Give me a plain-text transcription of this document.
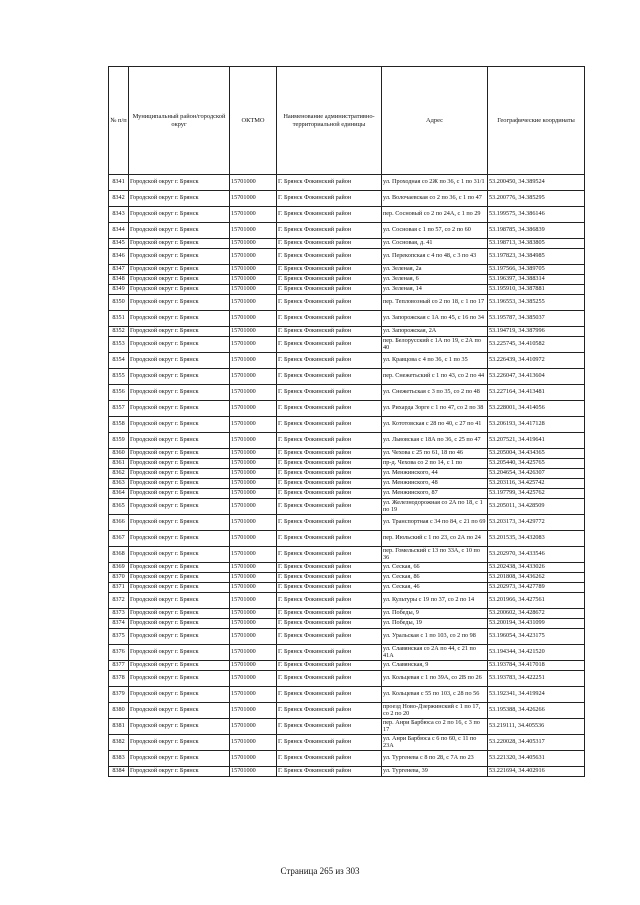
№ п/п	Муниципальный район/городской округ	ОКТМО	Наименование административно-территориальной единицы	Адрес	Географические координаты
8341	Городской округ г. Брянск	15701000	Г. Брянск Фокинский район	ул. Проходная со 2Ж по 36, с 1 по 31/1	53.200450, 34.389524
8342	Городской округ г. Брянск	15701000	Г. Брянск Фокинский район	ул. Волочаевская со 2 по 36, с 1 по 47	53.200776, 34.385295
8343	Городской округ г. Брянск	15701000	Г. Брянск Фокинский район	пер. Сосновый со 2 по 24А, с 1 по 29	53.199575, 34.386146
8344	Городской округ г. Брянск	15701000	Г. Брянск Фокинский район	ул. Сосновая с 1 по 57, со 2 по 60	53.198785, 34.386839
8345	Городской округ г. Брянск	15701000	Г. Брянск Фокинский район	ул. Сосновая, д. 41	53.198713, 34.383805
8346	Городской округ г. Брянск	15701000	Г. Брянск Фокинский район	ул. Перекопская с 4 по 48, с 3 по 43	53.197823, 34.384985
8347	Городской округ г. Брянск	15701000	Г. Брянск Фокинский район	ул. Зеленая, 2а	53.197566, 34.389705
8348	Городской округ г. Брянск	15701000	Г. Брянск Фокинский район	ул. Зеленая, 6	53.196397, 34.388314
8349	Городской округ г. Брянск	15701000	Г. Брянск Фокинский район	ул. Зеленая, 14	53.195910, 34.387881
8350	Городской округ г. Брянск	15701000	Г. Брянск Фокинский район	пер. Тепловозный со 2 по 18, с 1 по 17	53.196553, 34.385255
8351	Городской округ г. Брянск	15701000	Г. Брянск Фокинский район	ул. Запорожская с 1А по 45, с 16 по 34	53.195787, 34.385037
8352	Городской округ г. Брянск	15701000	Г. Брянск Фокинский район	ул. Запорожская, 2А	53.194719, 34.387996
8353	Городской округ г. Брянск	15701000	Г. Брянск Фокинский район	пер. Белорусский с 1А по 19, с 2А по 40	53.225745, 34.410582
8354	Городской округ г. Брянск	15701000	Г. Брянск Фокинский район	ул. Кравцова с 4 по 36, с 1 по 35	53.226439, 34.410972
8355	Городской округ г. Брянск	15701000	Г. Брянск Фокинский район	пер. Снежетьский с 1 по 43, со 2 по 44	53.226047, 34.413604
8356	Городской округ г. Брянск	15701000	Г. Брянск Фокинский район	ул. Снежетьская с 3 по 35, со 2 по 48	53.227164, 34.413481
8357	Городской округ г. Брянск	15701000	Г. Брянск Фокинский район	ул. Рихарда Зорге с 1 по 47, со 2 по 38	53.228001, 34.414056
8358	Городской округ г. Брянск	15701000	Г. Брянск Фокинский район	ул. Кототовская с 28 по 40, с 27 по 41	53.206193, 34.417128
8359	Городской округ г. Брянск	15701000	Г. Брянск Фокинский район	ул. Львовская с 18А по 36, с 25 по 47	53.207521, 34.419641
8360	Городской округ г. Брянск	15701000	Г. Брянск Фокинский район	ул. Чехова с 25 по 61, 18 по 46	53.205004, 34.434365
8361	Городской округ г. Брянск	15701000	Г. Брянск Фокинский район	пр-д. Чехова со 2 по 14, с 1 по	53.205440, 34.425765
8362	Городской округ г. Брянск	15701000	Г. Брянск Фокинский район	ул. Менжинского, 44	53.204654, 34.426307
8363	Городской округ г. Брянск	15701000	Г. Брянск Фокинский район	ул. Менжинского, 48	53.203116, 34.425742
8364	Городской округ г. Брянск	15701000	Г. Брянск Фокинский район	ул. Менжинского, 87	53.197799, 34.425762
8365	Городской округ г. Брянск	15701000	Г. Брянск Фокинский район	ул. Железнодорожная со 2А по 18, с 1 по 19	53.205011, 34.428509
8366	Городской округ г. Брянск	15701000	Г. Брянск Фокинский район	ул. Транспортная с 34 по 84, с 21 по 69	53.203173, 34.429772
8367	Городской округ г. Брянск	15701000	Г. Брянск Фокинский район	пер. Июльский с 1 по 23, со 2А по 24	53.201535, 34.432083
8368	Городской округ г. Брянск	15701000	Г. Брянск Фокинский район	пер. Гомельский с 13 по 33А, с 10 по 36	53.202970, 34.433546
8369	Городской округ г. Брянск	15701000	Г. Брянск Фокинский район	ул. Сеская, 66	53.202438, 34.433026
8370	Городской округ г. Брянск	15701000	Г. Брянск Фокинский район	ул. Сеская, 86	53.201808, 34.436262
8371	Городской округ г. Брянск	15701000	Г. Брянск Фокинский район	ул. Сеская, 46	53.202973, 34.427789
8372	Городской округ г. Брянск	15701000	Г. Брянск Фокинский район	ул. Культуры с 19 по 37, со 2 по 14	53.201966, 34.427561
8373	Городской округ г. Брянск	15701000	Г. Брянск Фокинский район	ул. Победы, 9	53.200602, 34.428672
8374	Городской округ г. Брянск	15701000	Г. Брянск Фокинский район	ул. Победы, 19	53.200194, 34.431099
8375	Городской округ г. Брянск	15701000	Г. Брянск Фокинский район	ул. Уральская с 1 по 103, со 2 по 98	53.196054, 34.423175
8376	Городской округ г. Брянск	15701000	Г. Брянск Фокинский район	ул. Славянская со 2А по 44, с 21 по 41А	53.194344, 34.421520
8377	Городской округ г. Брянск	15701000	Г. Брянск Фокинский район	ул. Славянская, 9	53.193784, 34.417018
8378	Городской округ г. Брянск	15701000	Г. Брянск Фокинский район	ул. Кольцевая с 1 по 39А, со 2В по 26	53.193783, 34.422251
8379	Городской округ г. Брянск	15701000	Г. Брянск Фокинский район	ул. Кольцевая с 55 по 103, с 28 по 56	53.192341, 34.419924
8380	Городской округ г. Брянск	15701000	Г. Брянск Фокинский район	проезд Ново-Дзержинский с 1 по 17, со 2 по 20	53.195388, 34.426266
8381	Городской округ г. Брянск	15701000	Г. Брянск Фокинский район	пер. Анри Барбюса со 2 по 16, с 3 по 17	53.219111, 34.405536
8382	Городской округ г. Брянск	15701000	Г. Брянск Фокинский район	ул. Анри Барбюса с 6 по 60, с 11 по 23А	53.220028, 34.405317
8383	Городской округ г. Брянск	15701000	Г. Брянск Фокинский район	ул. Тургенева с 8 по 28, с 7А по 23	53.221320, 34.405631
8384	Городской округ г. Брянск	15701000	Г. Брянск Фокинский район	ул. Тургенева, 39	53.221694, 34.402916
Страница 265 из 303
